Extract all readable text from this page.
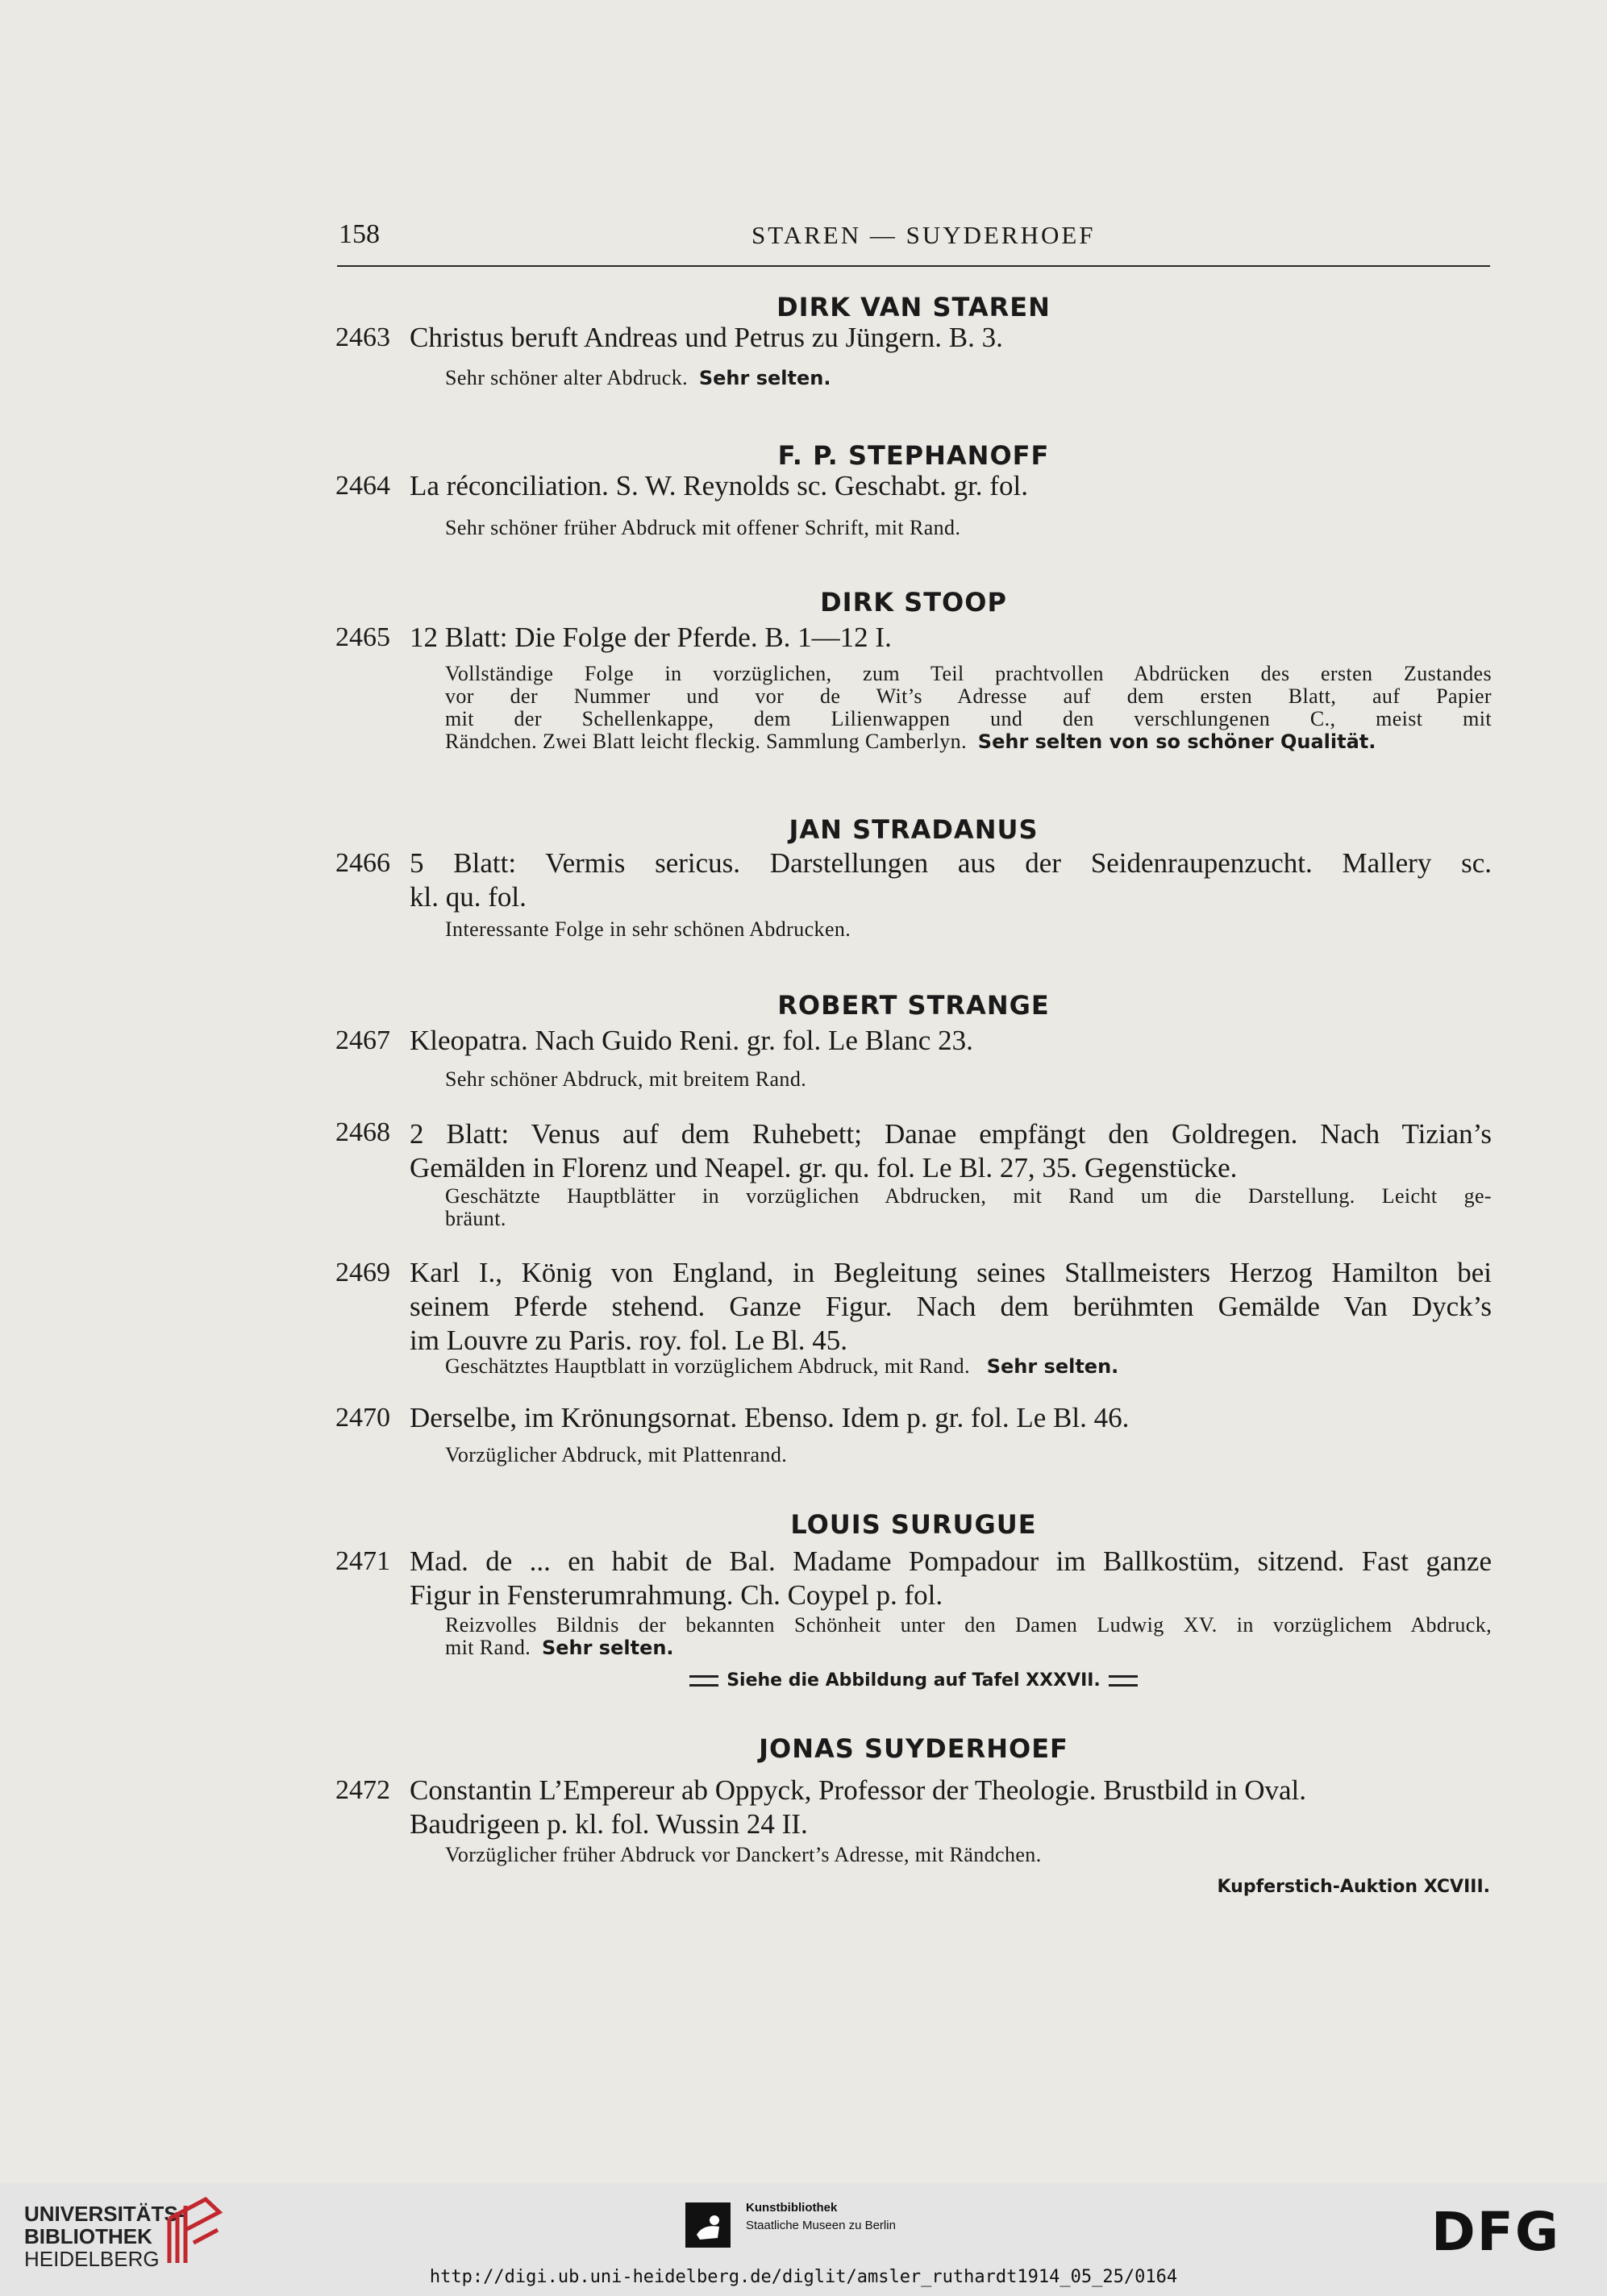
158	STAREN — SUYDERHOEF
DIRK VAN STAREN
2463 Christus beruft Andreas und Petrus zu Jüngern. B. 3.
Sehr schöner alter Abdruck. Sehr selten.
F. P. STEPHANOFF
2464 La réconciliation. S. W. Reynolds sc. Geschabt. gr. fol.
Sehr schöner früher Abdruck mit offener Schrift, mit Rand.
DIRK STOOP
2465 12 Blatt: Die Folge der Pferde. B. 1—12 I.
Vollständige Folge in vorzüglichen, zum Teil prachtvollen Abdrücken des ersten Zustandes
vor der Nummer und vor de Wit’s Adresse auf dem ersten Blatt, auf Papier
mit der Schellenkappe, dem Lilienwappen und den verschlungenen C., meist mit
Rändchen. Zwei Blatt leicht fleckig. Sammlung Camberlyn. Sehr selten von so schöner Qualität.
JAN STRADANUS
2466 5 Blatt: Vermis sericus. Darstellungen aus der Seidenraupenzucht. Mallery sc.
kl. qu. fol.
Interessante Folge in sehr schönen Abdrucken.
ROBERT STRANGE
2467 Kleopatra. Nach Guido Reni. gr. fol. Le Blanc 23.
Sehr schöner Abdruck, mit breitem Rand.
2468 2 Blatt: Venus auf dem Ruhebett; Danae empfängt den Goldregen. Nach Tizian’s
Gemälden in Florenz und Neapel. gr. qu. fol. Le Bl. 27, 35. Gegenstücke.
Geschätzte Hauptblätter in vorzüglichen Abdrucken, mit Rand um die Darstellung. Leicht ge-
bräunt.
2469 Karl I., König von England, in Begleitung seines Stallmeisters Herzog Hamilton bei
seinem Pferde stehend. Ganze Figur. Nach dem berühmten Gemälde Van Dyck’s
im Louvre zu Paris. roy. fol. Le Bl. 45.
Geschätztes Hauptblatt in vorzüglichem Abdruck, mit Rand. Sehr selten.
2470 Derselbe, im Krönungsornat. Ebenso. Idem p. gr. fol. Le Bl. 46.
Vorzüglicher Abdruck, mit Plattenrand.
LOUIS SURUGUE
2471 Mad. de ... en habit de Bal. Madame Pompadour im Ballkostüm, sitzend. Fast ganze
Figur in Fensterumrahmung. Ch. Coypel p. fol.
Reizvolles Bildnis der bekannten Schönheit unter den Damen Ludwig XV. in vorzüglichem Abdruck,
mit Rand. Sehr selten.
Siehe die Abbildung auf Tafel XXXVII.
JONAS SUYDERHOEF
2472 Constantin L’Empereur ab Oppyck, Professor der Theologie. Brustbild in Oval.
Baudrigeen p. kl. fol. Wussin 24 II.
Vorzüglicher früher Abdruck vor Danckert’s Adresse, mit Rändchen.
Kupferstich-Auktion XCVIII.
UNIVERSITÄTS-
BIBLIOTHEK
HEIDELBERG
Kunstbibliothek
Staatliche Museen zu Berlin	DFG
http://digi.ub.uni-heidelberg.de/diglit/amsler_ruthardt1914_05_25/0164
